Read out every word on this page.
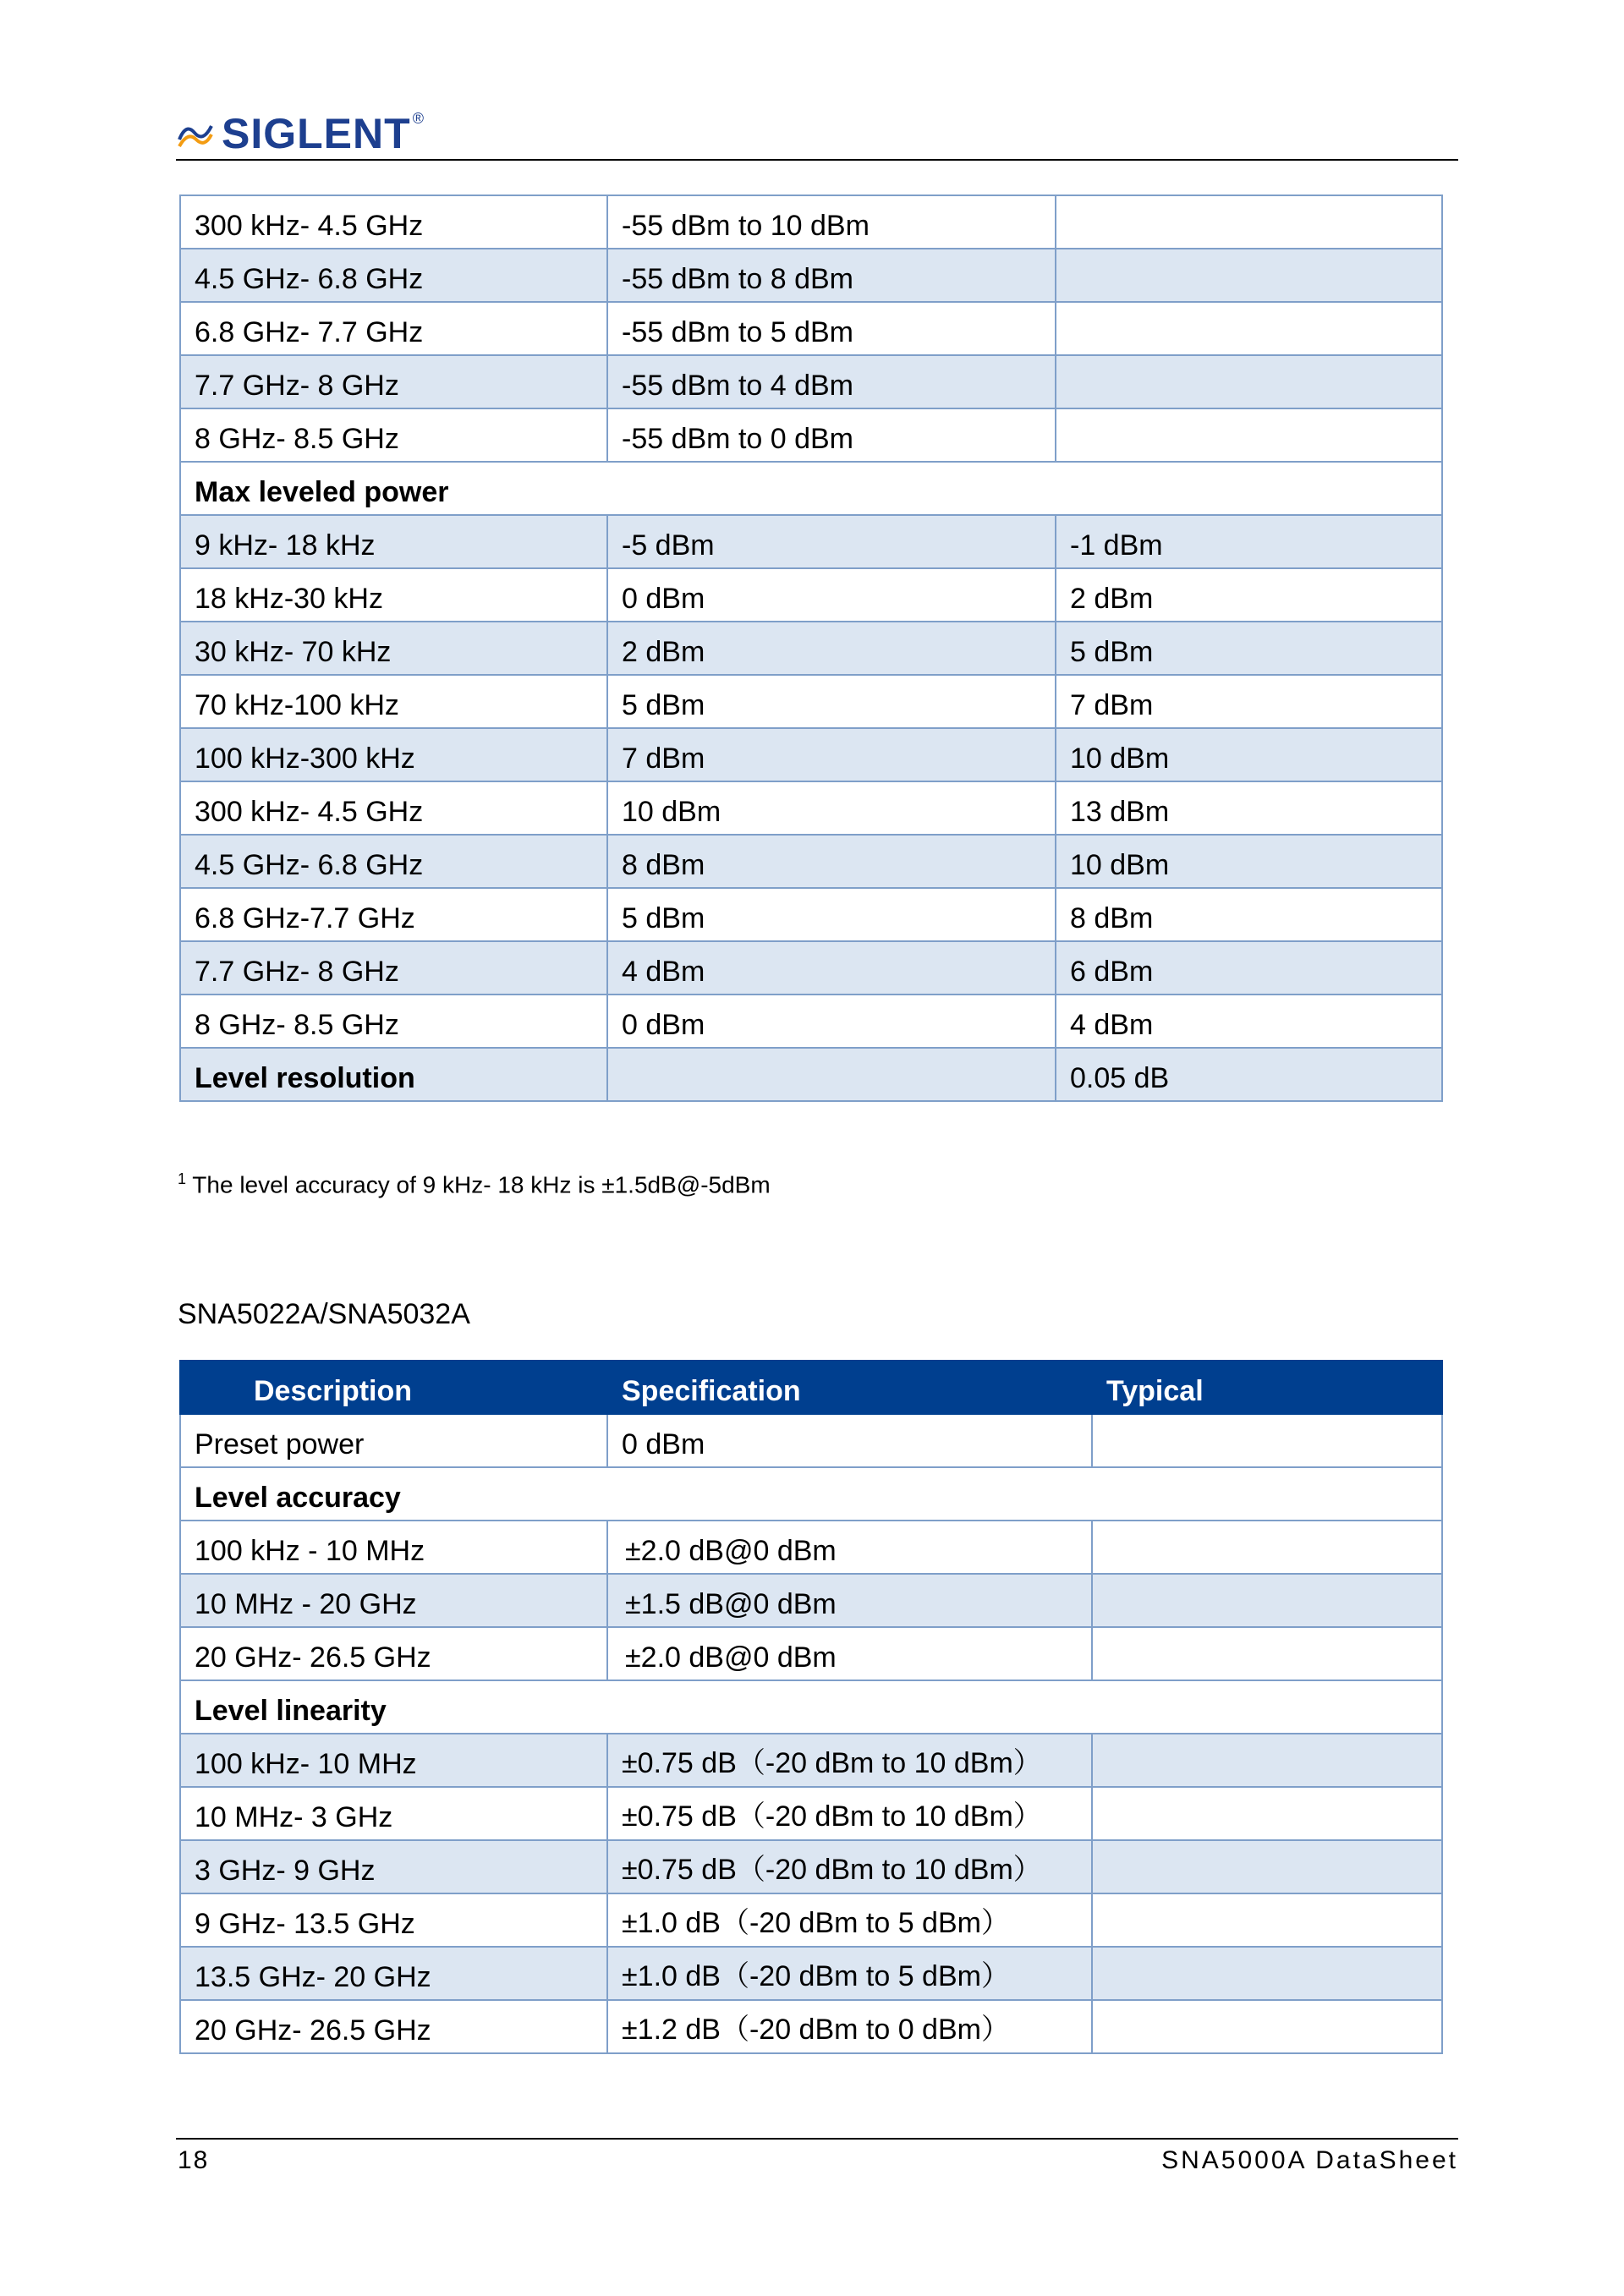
SIGLENT ®
300 kHz- 4.5 GHz	-55 dBm to 10 dBm	
4.5 GHz- 6.8 GHz	-55 dBm to 8 dBm	
6.8 GHz- 7.7 GHz	-55 dBm to 5 dBm	
7.7 GHz- 8 GHz	-55 dBm to 4 dBm	
8 GHz- 8.5 GHz	-55 dBm to 0 dBm	
Max leveled power		
9 kHz- 18 kHz	-5 dBm	-1 dBm
18 kHz-30 kHz	0 dBm	2 dBm
30 kHz- 70 kHz	2 dBm	5 dBm
70 kHz-100 kHz	5 dBm	7 dBm
100 kHz-300 kHz	7 dBm	10 dBm
300 kHz- 4.5 GHz	10 dBm	13 dBm
4.5 GHz- 6.8 GHz	8 dBm	10 dBm
6.8 GHz-7.7 GHz	5 dBm	8 dBm
7.7 GHz- 8 GHz	4 dBm	6 dBm
8 GHz- 8.5 GHz	0 dBm	4 dBm
Level resolution		0.05 dB
$^1$ The level accuracy of 9 kHz- 18 kHz is ±1.5dB@-5dBm
SNA5022A/SNA5032A
Description	Specification	Typical
Preset power	0 dBm	
Level accuracy		
100 kHz - 10 MHz	±2.0 dB@0 dBm	
10 MHz - 20 GHz	±1.5 dB@0 dBm	
20 GHz- 26.5 GHz	±2.0 dB@0 dBm	
Level linearity		
100 kHz- 10 MHz	±0.75 dB（-20 dBm to 10 dBm）	
10 MHz- 3 GHz	±0.75 dB（-20 dBm to 10 dBm）	
3 GHz- 9 GHz	±0.75 dB（-20 dBm to 10 dBm）	
9 GHz- 13.5 GHz	±1.0 dB（-20 dBm to 5 dBm）	
13.5 GHz- 20 GHz	±1.0 dB（-20 dBm to 5 dBm）	
20 GHz- 26.5 GHz	±1.2 dB（-20 dBm to 0 dBm）	
18	SNA5000A DataSheet
